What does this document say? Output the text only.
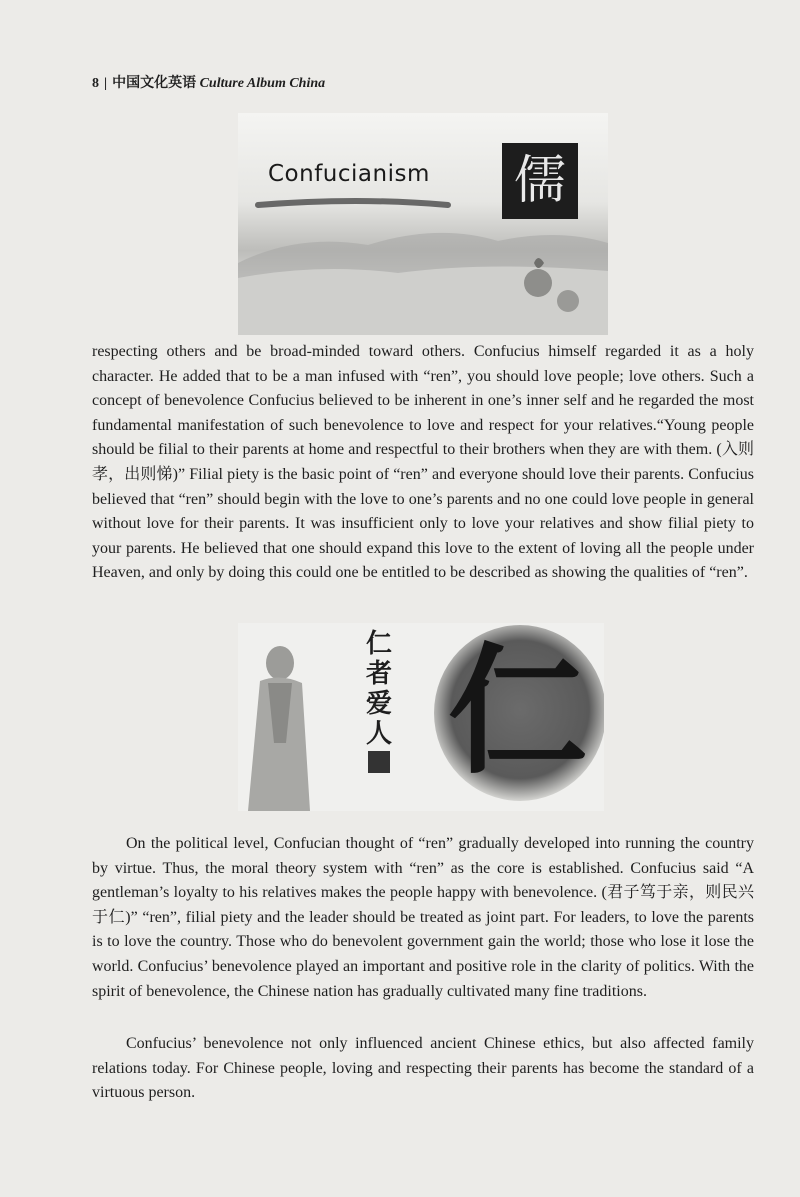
8 | 中国文化英语 Culture Album China
Confucianism 儒

respecting others and be broad-minded toward others. Confucius himself regarded it as a holy character. He added that to be a man infused with “ren”, you should love people; love others. Such a concept of benevolence Confucius believed to be inherent in one’s inner self and he regarded the most fundamental manifestation of such benevolence to love and respect for your relatives.“Young people should be filial to their parents at home and respectful to their brothers when they are with them. (入则孝，出则悌)” Filial piety is the basic point of “ren” and everyone should love their parents. Confucius believed that “ren” should begin with the love to one’s parents and no one could love people in general without love for their parents. It was insufficient only to love your relatives and show filial piety to your parents. He believed that one should expand this love to the extent of loving all the people under Heaven, and only by doing this could one be entitled to be described as showing the qualities of “ren”.

仁者爱人 仁

On the political level, Confucian thought of “ren” gradually developed into running the country by virtue. Thus, the moral theory system with “ren” as the core is established. Confucius said “A gentleman’s loyalty to his relatives makes the people happy with benevolence. (君子笃于亲，则民兴于仁)” “ren”, filial piety and the leader should be treated as joint part. For leaders, to love the parents is to love the country. Those who do benevolent government gain the world; those who lose it lose the world. Confucius’ benevolence played an important and positive role in the clarity of politics. With the spirit of benevolence, the Chinese nation has gradually cultivated many fine traditions.

Confucius’ benevolence not only influenced ancient Chinese ethics, but also affected family relations today. For Chinese people, loving and respecting their parents has become the standard of a virtuous person.
